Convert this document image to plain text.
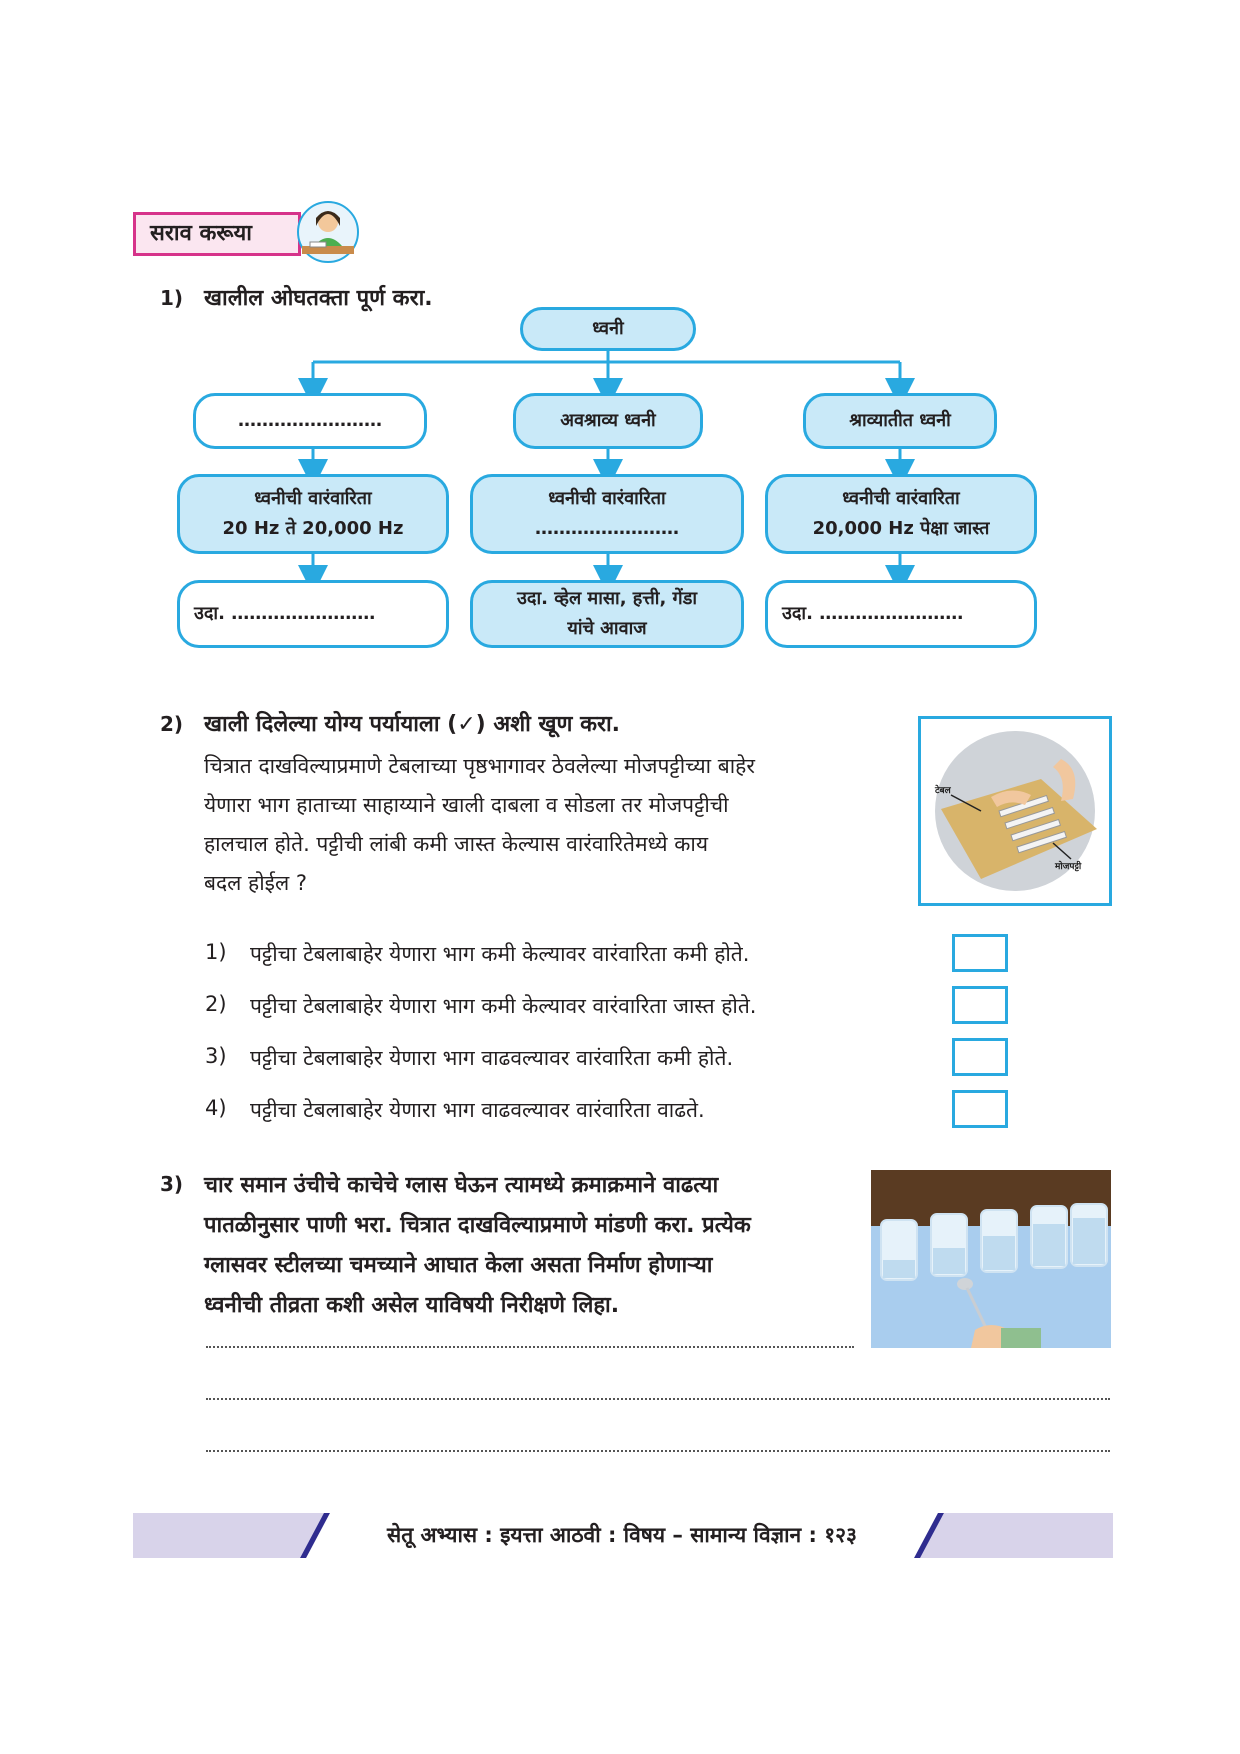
सराव करूया
1) खालील ओघतक्ता पूर्ण करा.
ध्वनी
……………………	अवश्राव्य ध्वनी	श्राव्यातीत ध्वनी
ध्वनीची वारंवारिता
20 Hz ते 20,000 Hz
ध्वनीची वारंवारिता
……………………
ध्वनीची वारंवारिता
20,000 Hz पेक्षा जास्त
उदा. ……………………
उदा. व्हेल मासा, हत्ती, गेंडा
यांचे आवाज
उदा. ……………………
2) खाली दिलेल्या योग्य पर्यायाला (✓) अशी खूण करा.
चित्रात दाखविल्याप्रमाणे टेबलाच्या पृष्ठभागावर ठेवलेल्या मोजपट्टीच्या बाहेर
येणारा भाग हाताच्या साहाय्याने खाली दाबला व सोडला तर मोजपट्टीची
हालचाल होते. पट्टीची लांबी कमी जास्त केल्यास वारंवारितेमध्ये काय
बदल होईल ?
टेबल
मोजपट्टी
1) पट्टीचा टेबलाबाहेर येणारा भाग कमी केल्यावर वारंवारिता कमी होते.
2) पट्टीचा टेबलाबाहेर येणारा भाग कमी केल्यावर वारंवारिता जास्त होते.
3) पट्टीचा टेबलाबाहेर येणारा भाग वाढवल्यावर वारंवारिता कमी होते.
4) पट्टीचा टेबलाबाहेर येणारा भाग वाढवल्यावर वारंवारिता वाढते.
3) चार समान उंचीचे काचेचे ग्लास घेऊन त्यामध्ये क्रमाक्रमाने वाढत्या
पातळीनुसार पाणी भरा. चित्रात दाखविल्याप्रमाणे मांडणी करा. प्रत्येक
ग्लासवर स्टीलच्या चमच्याने आघात केला असता निर्माण होणाऱ्या
ध्वनीची तीव्रता कशी असेल याविषयी निरीक्षणे लिहा.
सेतू अभ्यास : इयत्ता आठवी : विषय – सामान्य विज्ञान : १२३
